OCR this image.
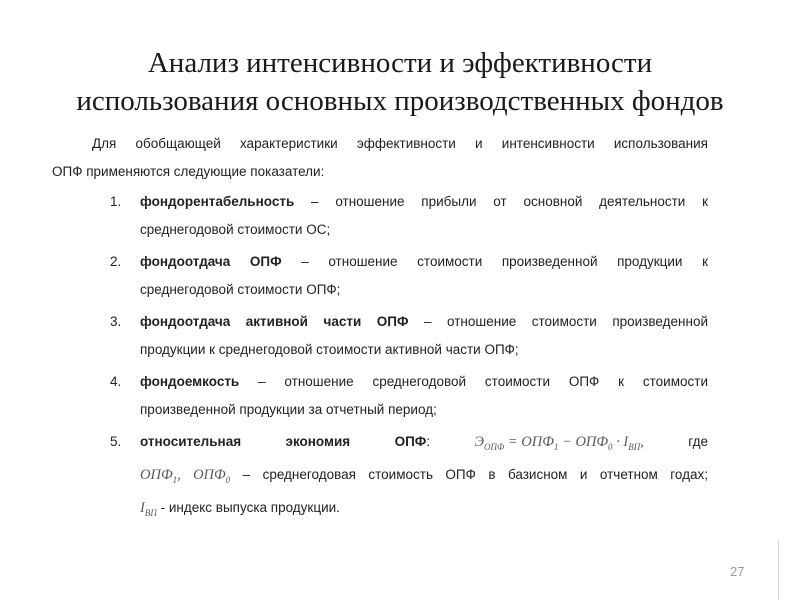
Анализ интенсивности и эффективности
использования основных производственных фондов
Для обобщающей характеристики эффективности и интенсивности использования
ОПФ применяются следующие показатели:
1. фондорентабельность – отношение прибыли от основной деятельности к
среднегодовой стоимости ОС;
2. фондоотдача ОПФ – отношение стоимости произведенной продукции к
среднегодовой стоимости ОПФ;
3. фондоотдача активной части ОПФ – отношение стоимости произведенной
продукции к среднегодовой стоимости активной части ОПФ;
4. фондоемкость – отношение среднегодовой стоимости ОПФ к стоимости
произведенной продукции за отчетный период;
5. относительная	экономия	ОПФ:	$Э_{ОПФ} = ОПФ_1 - ОПФ_0 \cdot I_{ВП}$,	где
$ОПФ_1$, $ОПФ_0$ – среднегодовая стоимость ОПФ в базисном и отчетном годах;
$I_{ВП}$ - индекс выпуска продукции.
27
